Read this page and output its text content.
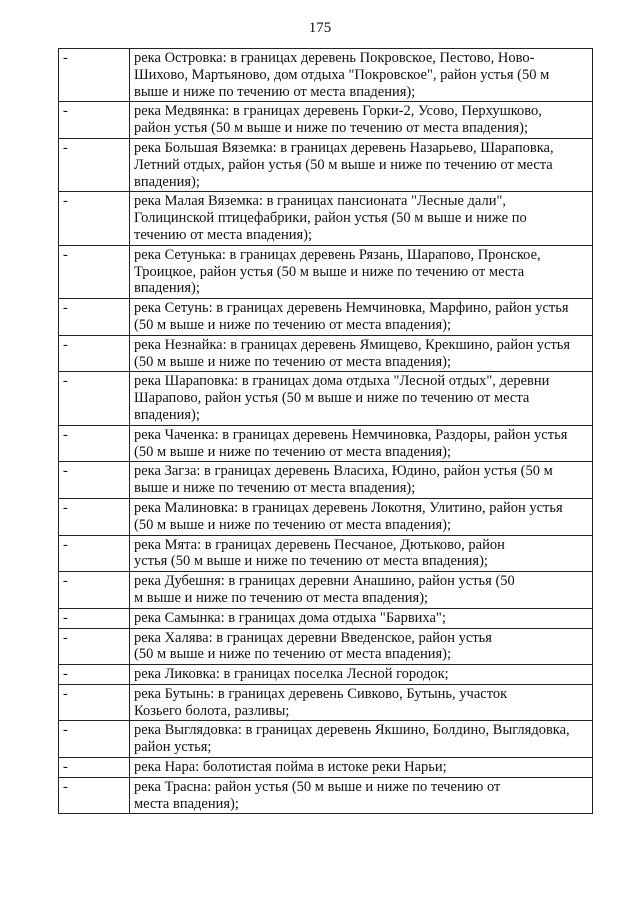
175
-	река Островка: в границах деревень Покровское, Пестово, Ново-
Шихово, Мартьяново, дом отдыха "Покровское", район устья (50 м
выше и ниже по течению от места впадения);
-	река Медвянка: в границах деревень Горки-2, Усово, Перхушково,
район устья (50 м выше и ниже по течению от места впадения);
-	река Большая Вяземка: в границах деревень Назарьево, Шараповка,
Летний отдых, район устья (50 м выше и ниже по течению от места
впадения);
-	река Малая Вяземка: в границах пансионата "Лесные дали",
Голицинской птицефабрики, район устья (50 м выше и ниже по
течению от места впадения);
-	река Сетунька: в границах деревень Рязань, Шарапово, Пронское,
Троицкое, район устья (50 м выше и ниже по течению от места
впадения);
-	река Сетунь: в границах деревень Немчиновка, Марфино, район устья
(50 м выше и ниже по течению от места впадения);
-	река Незнайка: в границах деревень Ямищево, Крекшино, район устья
(50 м выше и ниже по течению от места впадения);
-	река Шараповка: в границах дома отдыха "Лесной отдых", деревни
Шарапово, район устья (50 м выше и ниже по течению от места
впадения);
-	река Чаченка: в границах деревень Немчиновка, Раздоры, район устья
(50 м выше и ниже по течению от места впадения);
-	река Загза: в границах деревень Власиха, Юдино, район устья (50 м
выше и ниже по течению от места впадения);
-	река Малиновка: в границах деревень Локотня, Улитино, район устья
(50 м выше и ниже по течению от места впадения);
-	река Мята: в границах деревень Песчаное, Дютьково, район
устья (50 м выше и ниже по течению от места впадения);
-	река Дубешня: в границах деревни Анашино, район устья (50
м выше и ниже по течению от места впадения);
-	река Самынка: в границах дома отдыха "Барвиха";
-	река Халява: в границах деревни Введенское, район устья
(50 м выше и ниже по течению от места впадения);
-	река Ликовка: в границах поселка Лесной городок;
-	река Бутынь: в границах деревень Сивково, Бутынь, участок
Козьего болота, разливы;
-	река Выглядовка: в границах деревень Якшино, Болдино, Выглядовка,
район устья;
-	река Нара: болотистая пойма в истоке реки Нарьи;
-	река Трасна: район устья (50 м выше и ниже по течению от
места впадения);
